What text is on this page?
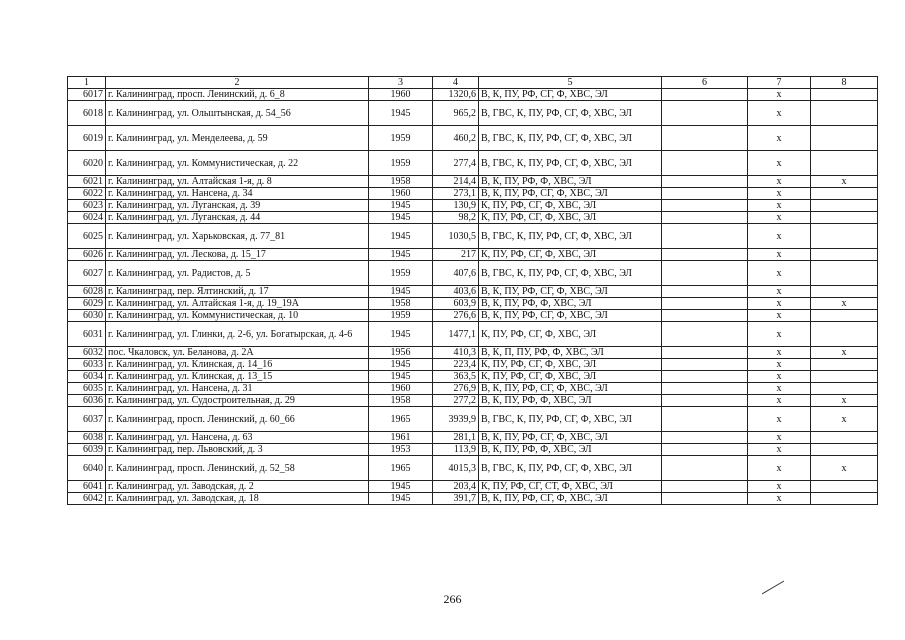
1	2	3	4	5	6	7	8
6017	г. Калининград, просп. Ленинский, д. 6_8	1960	1320,6	В, К, ПУ, РФ, СГ, Ф, ХВС, ЭЛ		х	
6018	г. Калининград, ул. Ольштынская, д. 54_56	1945	965,2	В, ГВС, К, ПУ, РФ, СГ, Ф, ХВС, ЭЛ		х	
6019	г. Калининград, ул. Менделеева, д. 59	1959	460,2	В, ГВС, К, ПУ, РФ, СГ, Ф, ХВС, ЭЛ		х	
6020	г. Калининград, ул. Коммунистическая, д. 22	1959	277,4	В, ГВС, К, ПУ, РФ, СГ, Ф, ХВС, ЭЛ		х	
6021	г. Калининград, ул. Алтайская 1-я, д. 8	1958	214,4	В, К, ПУ, РФ, Ф, ХВС, ЭЛ		х	х
6022	г. Калининград, ул. Нансена, д. 34	1960	273,1	В, К, ПУ, РФ, СГ, Ф, ХВС, ЭЛ		х	
6023	г. Калининград, ул. Луганская, д. 39	1945	130,9	К, ПУ, РФ, СГ, Ф, ХВС, ЭЛ		х	
6024	г. Калининград, ул. Луганская, д. 44	1945	98,2	К, ПУ, РФ, СГ, Ф, ХВС, ЭЛ		х	
6025	г. Калининград, ул. Харьковская, д. 77_81	1945	1030,5	В, ГВС, К, ПУ, РФ, СГ, Ф, ХВС, ЭЛ		х	
6026	г. Калининград, ул. Лескова, д. 15_17	1945	217	К, ПУ, РФ, СГ, Ф, ХВС, ЭЛ		х	
6027	г. Калининград, ул. Радистов, д. 5	1959	407,6	В, ГВС, К, ПУ, РФ, СГ, Ф, ХВС, ЭЛ		х	
6028	г. Калининград, пер. Ялтинский, д. 17	1945	403,6	В, К, ПУ, РФ, СГ, Ф, ХВС, ЭЛ		х	
6029	г. Калининград, ул. Алтайская 1-я, д. 19_19А	1958	603,9	В, К, ПУ, РФ, Ф, ХВС, ЭЛ		х	х
6030	г. Калининград, ул. Коммунистическая, д. 10	1959	276,6	В, К, ПУ, РФ, СГ, Ф, ХВС, ЭЛ		х	
6031	г. Калининград, ул. Глинки, д. 2-6, ул. Богатырская, д. 4-6	1945	1477,1	К, ПУ, РФ, СГ, Ф, ХВС, ЭЛ		х	
6032	пос. Чкаловск, ул. Беланова, д. 2А	1956	410,3	В, К, П, ПУ, РФ, Ф, ХВС, ЭЛ		х	х
6033	г. Калининград, ул. Клинская, д. 14_16	1945	223,4	К, ПУ, РФ, СГ, Ф, ХВС, ЭЛ		х	
6034	г. Калининград, ул. Клинская, д. 13_15	1945	363,5	К, ПУ, РФ, СГ, Ф, ХВС, ЭЛ		х	
6035	г. Калининград, ул. Нансена, д. 31	1960	276,9	В, К, ПУ, РФ, СГ, Ф, ХВС, ЭЛ		х	
6036	г. Калининград, ул. Судостроительная, д. 29	1958	277,2	В, К, ПУ, РФ, Ф, ХВС, ЭЛ		х	х
6037	г. Калининград, просп. Ленинский, д. 60_66	1965	3939,9	В, ГВС, К, ПУ, РФ, СГ, Ф, ХВС, ЭЛ		х	х
6038	г. Калининград, ул. Нансена, д. 63	1961	281,1	В, К, ПУ, РФ, СГ, Ф, ХВС, ЭЛ		х	
6039	г. Калининград, пер. Львовский, д. 3	1953	113,9	В, К, ПУ, РФ, Ф, ХВС, ЭЛ		х	
6040	г. Калининград, просп. Ленинский, д. 52_58	1965	4015,3	В, ГВС, К, ПУ, РФ, СГ, Ф, ХВС, ЭЛ		х	х
6041	г. Калининград, ул. Заводская, д. 2	1945	203,4	К, ПУ, РФ, СГ, СТ, Ф, ХВС, ЭЛ		х	
6042	г. Калининград, ул. Заводская, д. 18	1945	391,7	В, К, ПУ, РФ, СГ, Ф, ХВС, ЭЛ		х	
266
